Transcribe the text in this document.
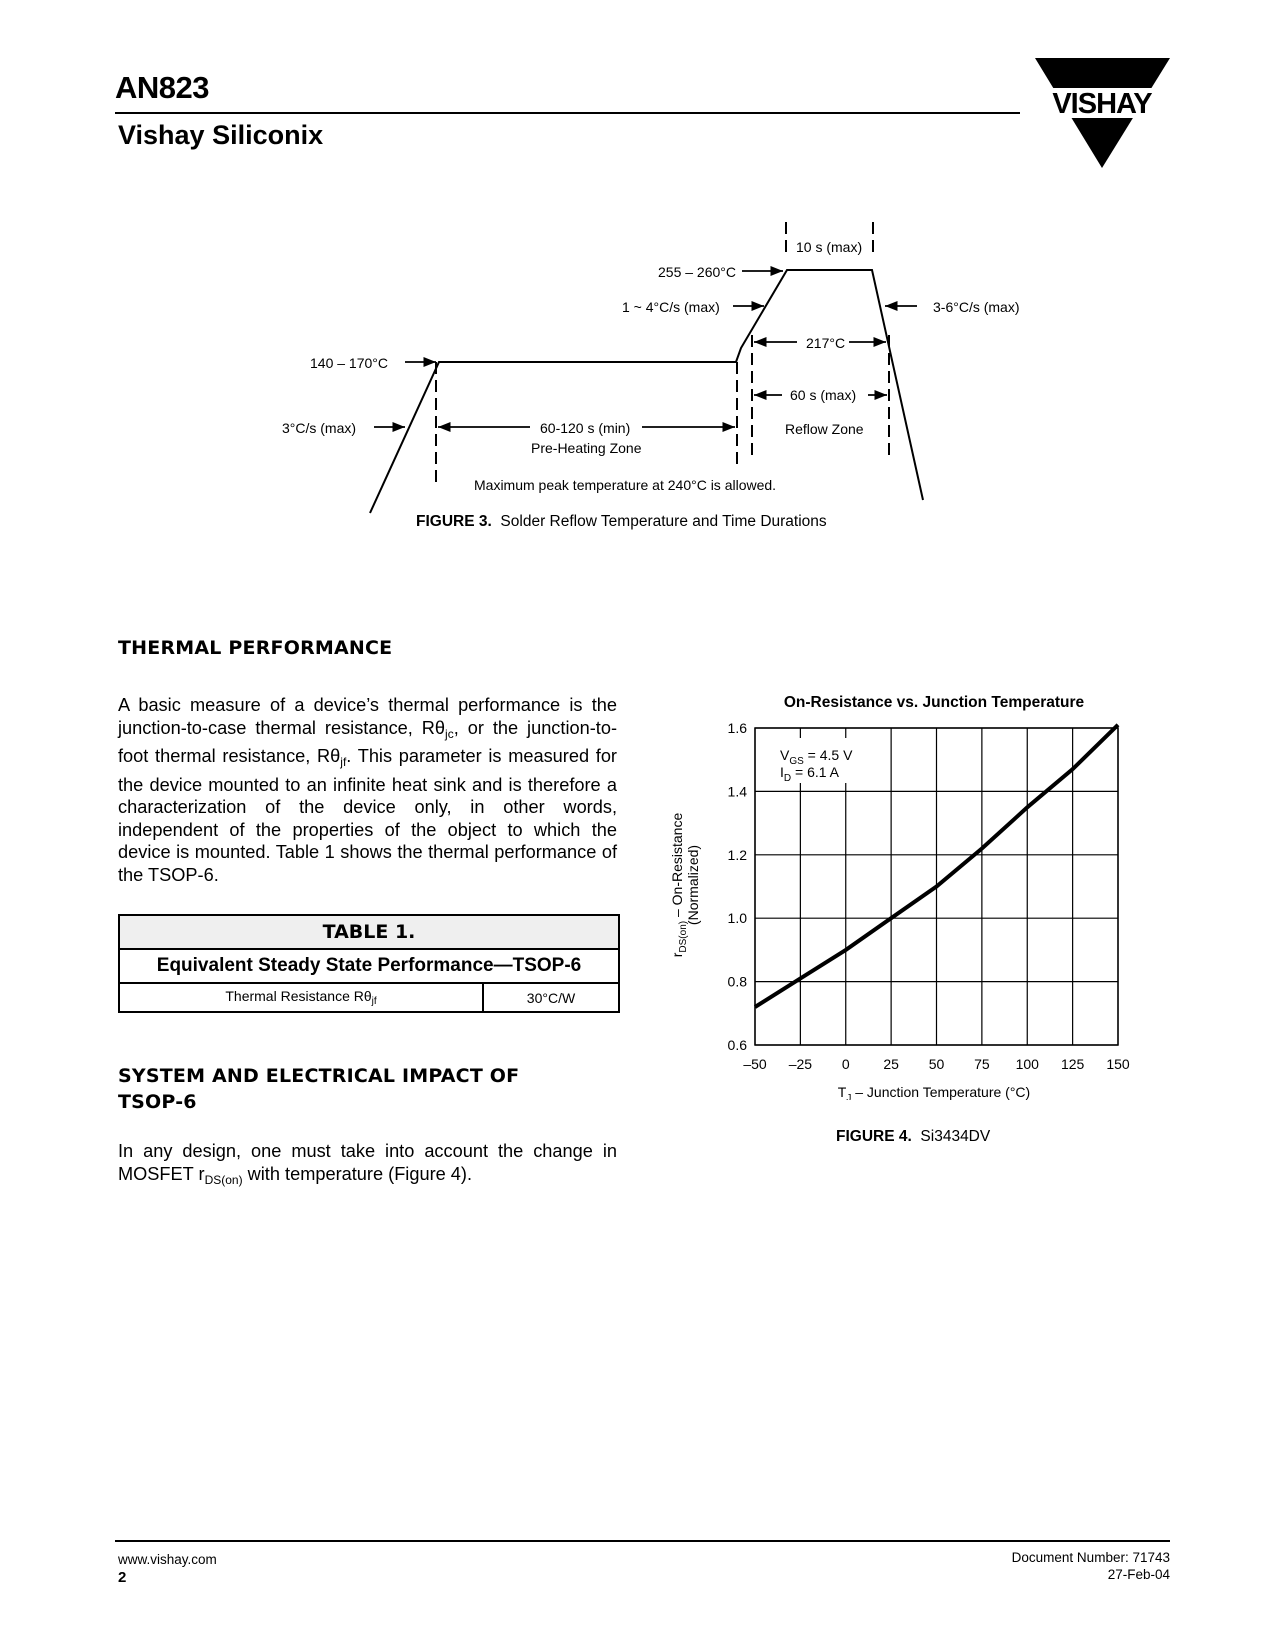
AN823
Vishay Siliconix
VISHAY
10 s (max)
255 – 260°C
1 ~ 4°C/s (max)	3-6°C/s (max)
217°C
140 – 170°C
60 s (max)
3°C/s (max)	60-120 s (min)	Reflow Zone
Pre-Heating Zone
Maximum peak temperature at 240°C is allowed.
FIGURE 3. Solder Reflow Temperature and Time Durations
THERMAL PERFORMANCE
A basic measure of a device’s thermal performance is the junction-to-case thermal resistance, $R\theta_{jc}$, or the junction-to-foot thermal resistance, $R\theta_{jf}$. This parameter is measured for the device mounted to an infinite heat sink and is therefore a characterization of the device only, in other words, independent of the properties of the object to which the device is mounted. Table 1 shows the thermal performance of the TSOP-6.
TABLE 1.
Equivalent Steady State Performance—TSOP-6
Thermal Resistance $R\theta_{jf}$	30°C/W
SYSTEM AND ELECTRICAL IMPACT OF
TSOP-6
In any design, one must take into account the change in MOSFET $r_{DS(on)}$ with temperature (Figure 4).
On-Resistance vs. Junction Temperature
$V_{GS} = 4.5$ V
$I_D = 6.1$ A
–50 –25 0 25 50 75 100 125 150
0.6
0.8
1.0
1.2
1.4
1.6
$T_J$ – Junction Temperature (°C)
$r_{DS(on)}$ – On-Resistance (Normalized)
FIGURE 4. Si3434DV
www.vishay.com
2
Document Number: 71743
27-Feb-04
